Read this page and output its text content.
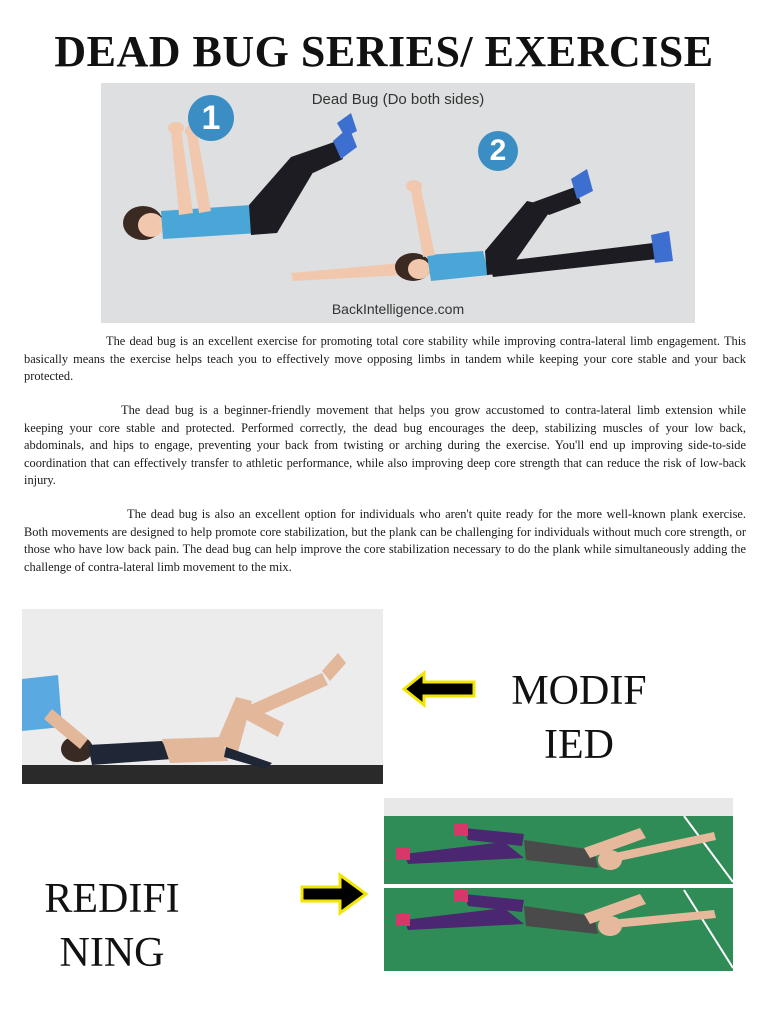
DEAD BUG SERIES/ EXERCISE
Dead Bug (Do both sides)
1
2
BackIntelligence.com

The dead bug is an excellent exercise for promoting total core stability while improving contra-lateral limb engagement. This basically means the exercise helps teach you to effectively move opposing limbs in tandem while keeping your core stable and your back protected.

The dead bug is a beginner-friendly movement that helps you grow accustomed to contra-lateral limb extension while keeping your core stable and protected. Performed correctly, the dead bug encourages the deep, stabilizing muscles of your low back, abdominals, and hips to engage, preventing your back from twisting or arching during the exercise. You'll end up improving side-to-side coordination that can effectively transfer to athletic performance, while also improving deep core strength that can reduce the risk of low-back injury.

The dead bug is also an excellent option for individuals who aren't quite ready for the more well-known plank exercise. Both movements are designed to help promote core stabilization, but the plank can be challenging for individuals without much core strength, or those who have low back pain. The dead bug can help improve the core stabilization necessary to do the plank while simultaneously adding the challenge of contra-lateral limb movement to the mix.

MODIF
IED
REDIFI
NING
